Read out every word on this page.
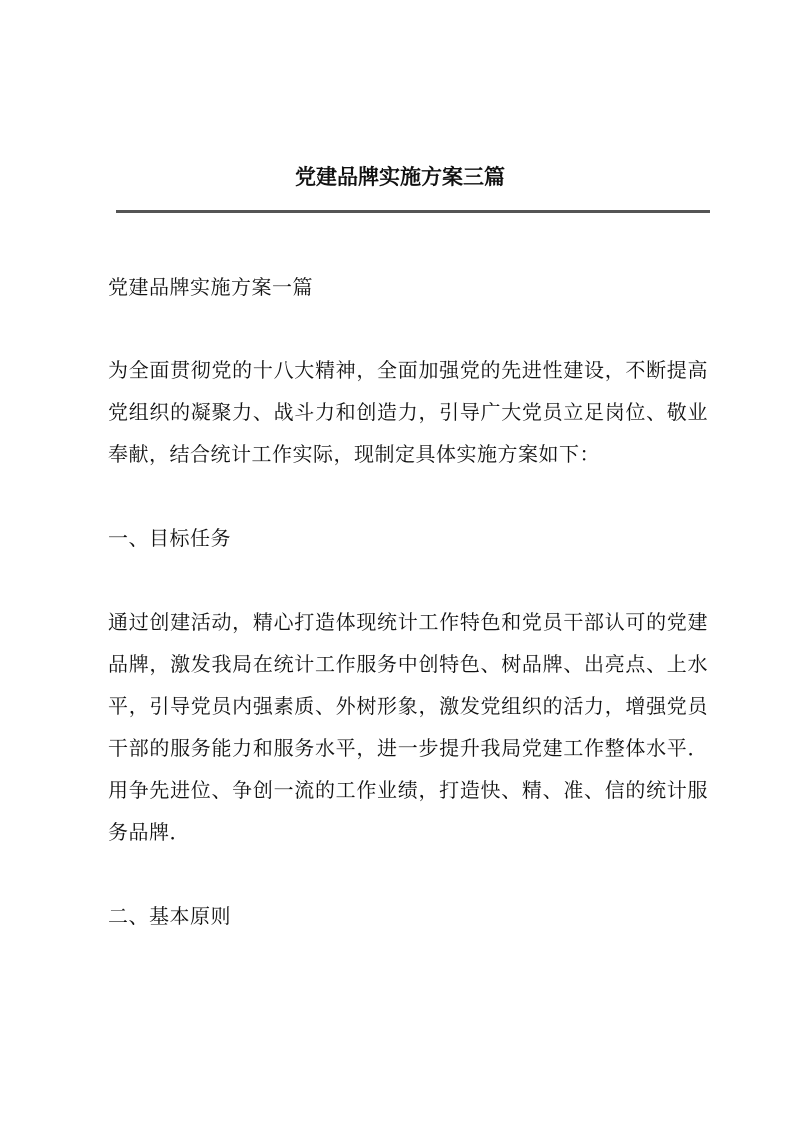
党建品牌实施方案三篇
党建品牌实施方案一篇
为全面贯彻党的十八大精神，全面加强党的先进性建设，不断提高党组织的凝聚力、战斗力和创造力，引导广大党员立足岗位、敬业奉献，结合统计工作实际，现制定具体实施方案如下：
一、目标任务
通过创建活动，精心打造体现统计工作特色和党员干部认可的党建品牌，激发我局在统计工作服务中创特色、树品牌、出亮点、上水平，引导党员内强素质、外树形象，激发党组织的活力，增强党员干部的服务能力和服务水平，进一步提升我局党建工作整体水平．用争先进位、争创一流的工作业绩，打造快、精、准、信的统计服务品牌．
二、基本原则
